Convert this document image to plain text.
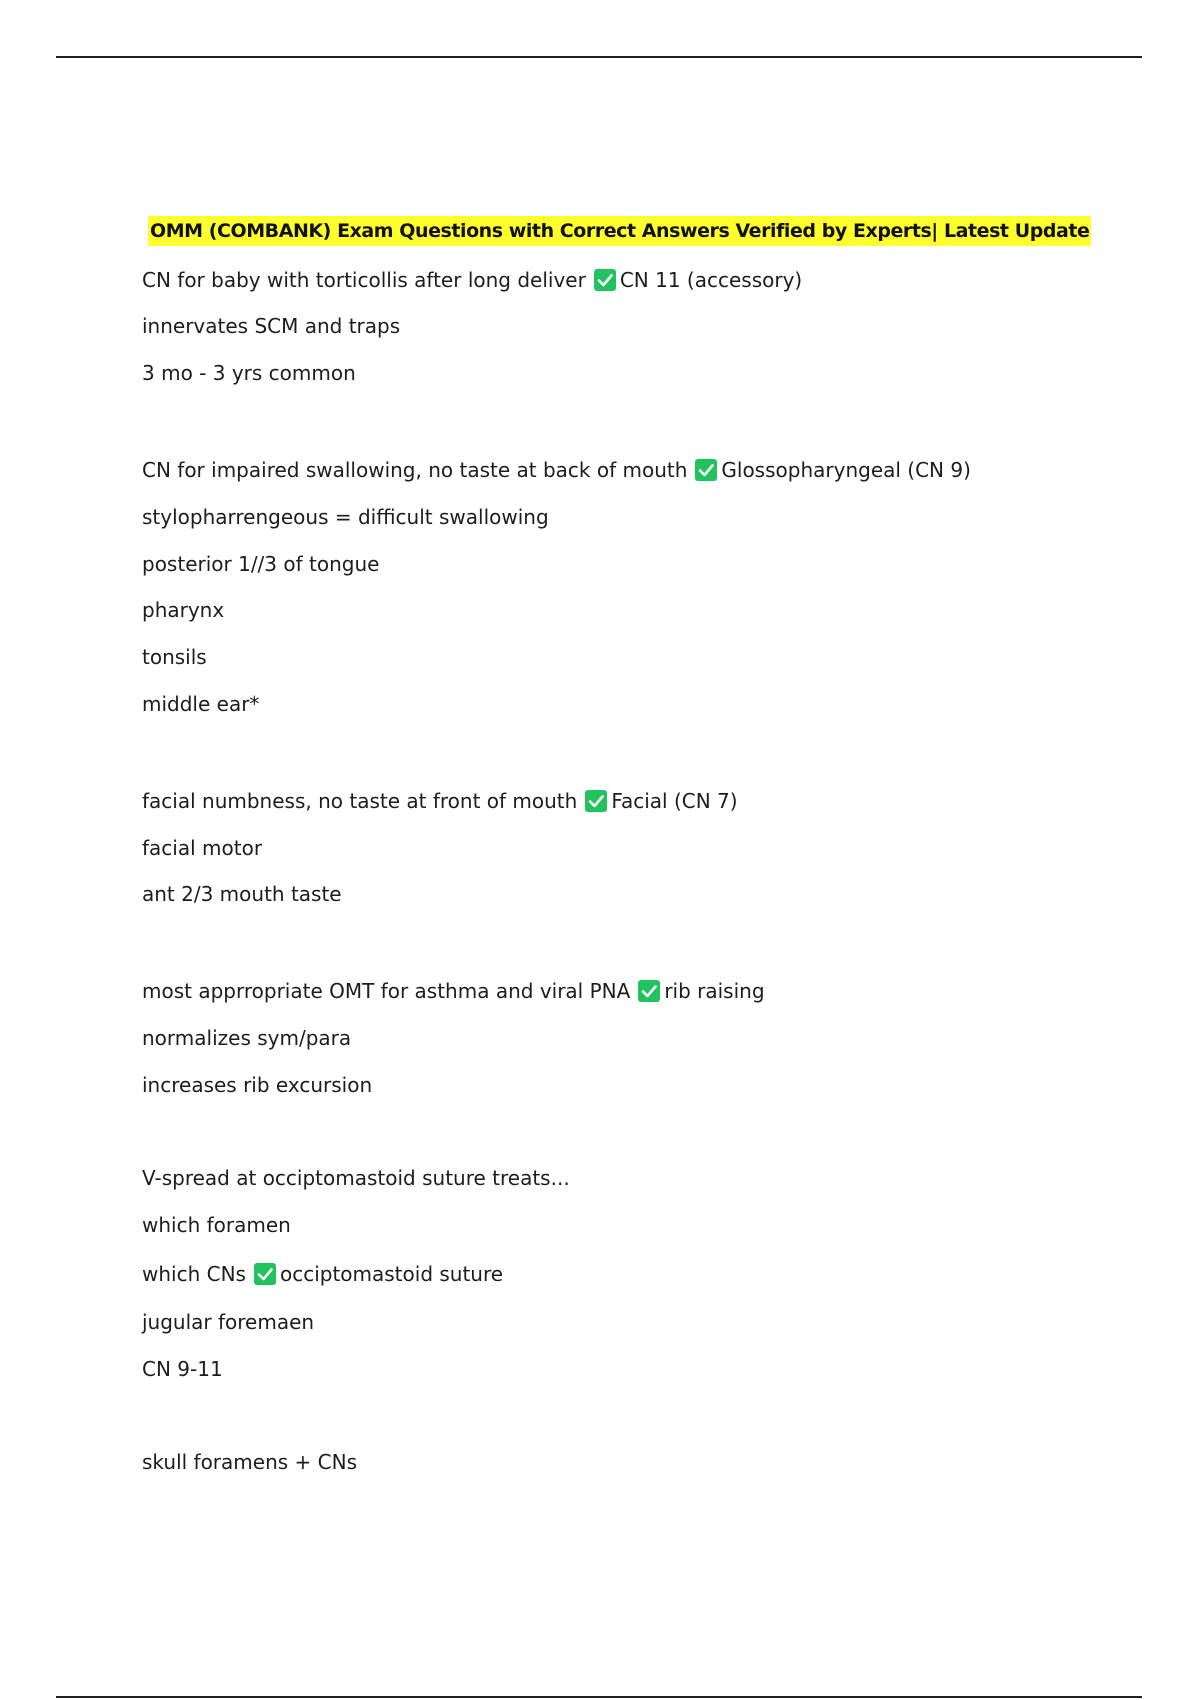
OMM (COMBANK) Exam Questions with Correct Answers Verified by Experts| Latest Update
CN for baby with torticollis after long deliver CN 11 (accessory)
innervates SCM and traps
3 mo - 3 yrs common
CN for impaired swallowing, no taste at back of mouth Glossopharyngeal (CN 9)
stylopharrengeous = difficult swallowing
posterior 1//3 of tongue
pharynx
tonsils
middle ear*
facial numbness, no taste at front of mouth Facial (CN 7)
facial motor
ant 2/3 mouth taste
most apprropriate OMT for asthma and viral PNA rib raising
normalizes sym/para
increases rib excursion
V-spread at occiptomastoid suture treats...
which foramen
which CNs occiptomastoid suture
jugular foremaen
CN 9-11
skull foramens + CNs
